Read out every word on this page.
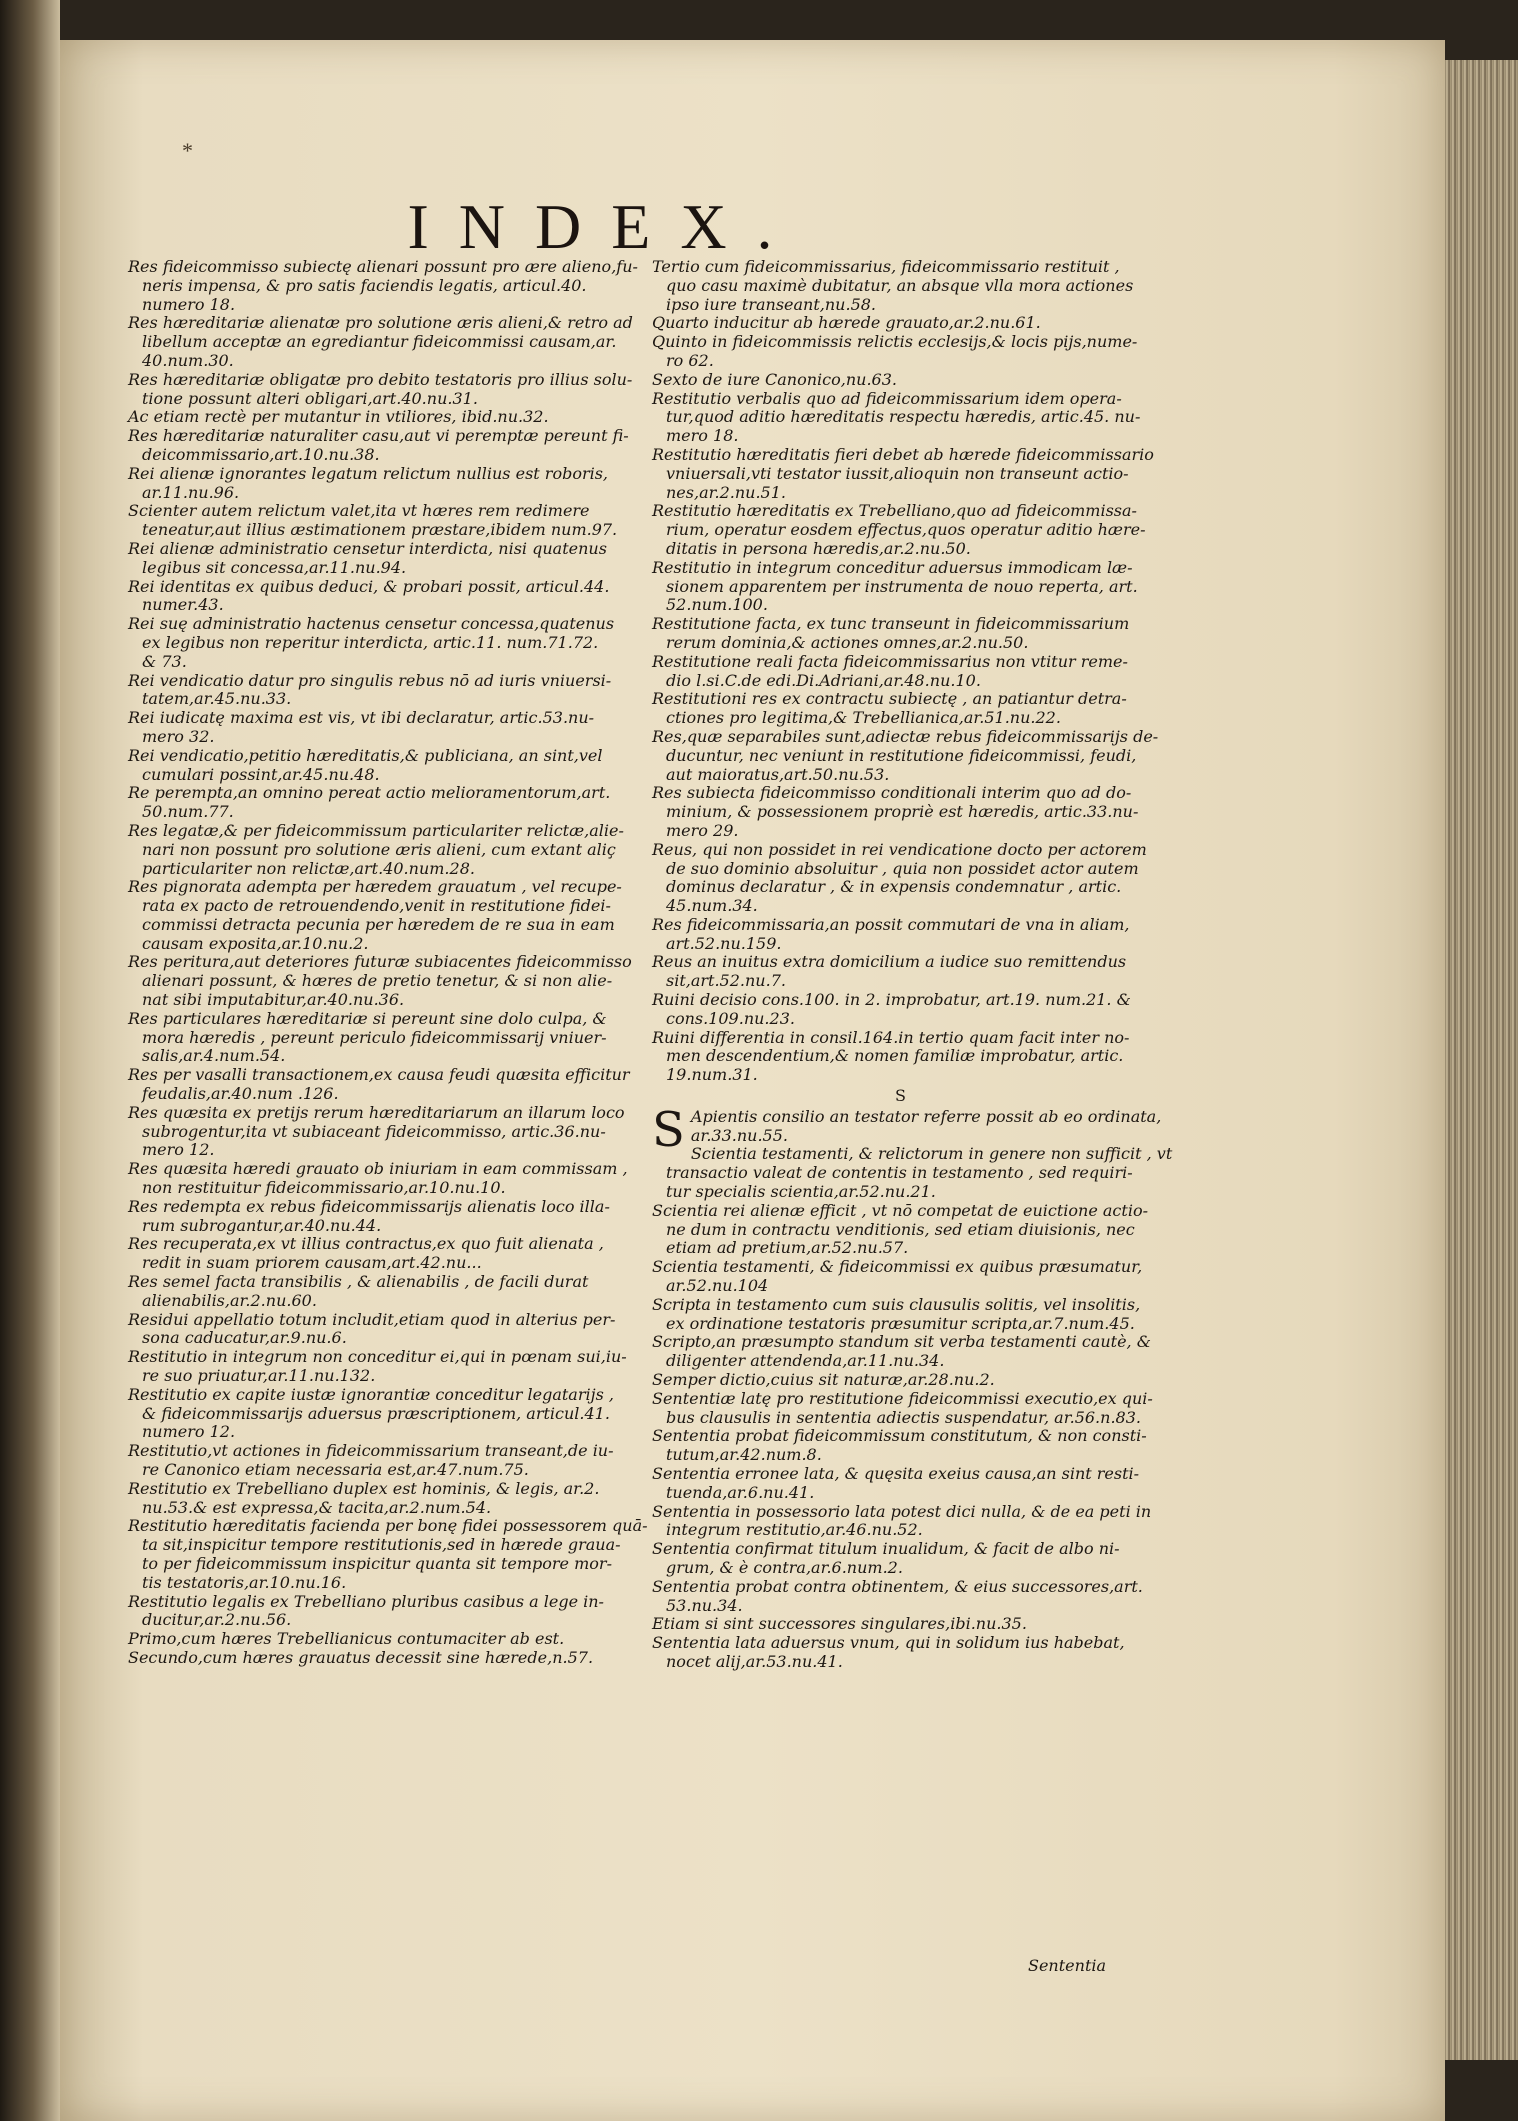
*
INDEX.
Res fideicommisso subiectę alienari possunt pro ære alieno,fu-
neris impensa, & pro satis faciendis legatis, articul.40.
numero 18.
Res hæreditariæ alienatæ pro solutione æris alieni,& retro ad
libellum acceptæ an egrediantur fideicommissi causam,ar.
40.num.30.
Res hæreditariæ obligatæ pro debito testatoris pro illius solu-
tione possunt alteri obligari,art.40.nu.31.
Ac etiam rectè per mutantur in vtiliores, ibid.nu.32.
Res hæreditariæ naturaliter casu,aut vi peremptæ pereunt fi-
deicommissario,art.10.nu.38.
Rei alienæ ignorantes legatum relictum nullius est roboris,
ar.11.nu.96.
Scienter autem relictum valet,ita vt hæres rem redimere
teneatur,aut illius æstimationem præstare,ibidem num.97.
Rei alienæ administratio censetur interdicta, nisi quatenus
legibus sit concessa,ar.11.nu.94.
Rei identitas ex quibus deduci, & probari possit, articul.44.
numer.43.
Rei suę administratio hactenus censetur concessa,quatenus
ex legibus non reperitur interdicta, artic.11. num.71.72.
& 73.
Rei vendicatio datur pro singulis rebus nō ad iuris vniuersi-
tatem,ar.45.nu.33.
Rei iudicatę maxima est vis, vt ibi declaratur, artic.53.nu-
mero 32.
Rei vendicatio,petitio hæreditatis,& publiciana, an sint,vel
cumulari possint,ar.45.nu.48.
Re perempta,an omnino pereat actio melioramentorum,art.
50.num.77.
Res legatæ,& per fideicommissum particulariter relictæ,alie-
nari non possunt pro solutione æris alieni, cum extant aliç
particulariter non relictæ,art.40.num.28.
Res pignorata adempta per hæredem grauatum , vel recupe-
rata ex pacto de retrouendendo,venit in restitutione fidei-
commissi detracta pecunia per hæredem de re sua in eam
causam exposita,ar.10.nu.2.
Res peritura,aut deteriores futuræ subiacentes fideicommisso
alienari possunt, & hæres de pretio tenetur, & si non alie-
nat sibi imputabitur,ar.40.nu.36.
Res particulares hæreditariæ si pereunt sine dolo culpa, &
mora hæredis , pereunt periculo fideicommissarij vniuer-
salis,ar.4.num.54.
Res per vasalli transactionem,ex causa feudi quæsita efficitur
feudalis,ar.40.num .126.
Res quæsita ex pretijs rerum hæreditariarum an illarum loco
subrogentur,ita vt subiaceant fideicommisso, artic.36.nu-
mero 12.
Res quæsita hæredi grauato ob iniuriam in eam commissam ,
non restituitur fideicommissario,ar.10.nu.10.
Res redempta ex rebus fideicommissarijs alienatis loco illa-
rum subrogantur,ar.40.nu.44.
Res recuperata,ex vt illius contractus,ex quo fuit alienata ,
redit in suam priorem causam,art.42.nu...
Res semel facta transibilis , & alienabilis , de facili durat
alienabilis,ar.2.nu.60.
Residui appellatio totum includit,etiam quod in alterius per-
sona caducatur,ar.9.nu.6.
Restitutio in integrum non conceditur ei,qui in pœnam sui,iu-
re suo priuatur,ar.11.nu.132.
Restitutio ex capite iustæ ignorantiæ conceditur legatarijs ,
& fideicommissarijs aduersus præscriptionem, articul.41.
numero 12.
Restitutio,vt actiones in fideicommissarium transeant,de iu-
re Canonico etiam necessaria est,ar.47.num.75.
Restitutio ex Trebelliano duplex est hominis, & legis, ar.2.
nu.53.& est expressa,& tacita,ar.2.num.54.
Restitutio hæreditatis facienda per bonę fidei possessorem quā-
ta sit,inspicitur tempore restitutionis,sed in hærede graua-
to per fideicommissum inspicitur quanta sit tempore mor-
tis testatoris,ar.10.nu.16.
Restitutio legalis ex Trebelliano pluribus casibus a lege in-
ducitur,ar.2.nu.56.
Primo,cum hæres Trebellianicus contumaciter ab est.
Secundo,cum hæres grauatus decessit sine hærede,n.57.
Tertio cum fideicommissarius, fideicommissario restituit ,
quo casu maximè dubitatur, an absque vlla mora actiones
ipso iure transeant,nu.58.
Quarto inducitur ab hærede grauato,ar.2.nu.61.
Quinto in fideicommissis relictis ecclesijs,& locis pijs,nume-
ro 62.
Sexto de iure Canonico,nu.63.
Restitutio verbalis quo ad fideicommissarium idem opera-
tur,quod aditio hæreditatis respectu hæredis, artic.45. nu-
mero 18.
Restitutio hæreditatis fieri debet ab hærede fideicommissario
vniuersali,vti testator iussit,alioquin non transeunt actio-
nes,ar.2.nu.51.
Restitutio hæreditatis ex Trebelliano,quo ad fideicommissa-
rium, operatur eosdem effectus,quos operatur aditio hære-
ditatis in persona hæredis,ar.2.nu.50.
Restitutio in integrum conceditur aduersus immodicam læ-
sionem apparentem per instrumenta de nouo reperta, art.
52.num.100.
Restitutione facta, ex tunc transeunt in fideicommissarium
rerum dominia,& actiones omnes,ar.2.nu.50.
Restitutione reali facta fideicommissarius non vtitur reme-
dio l.si.C.de edi.Di.Adriani,ar.48.nu.10.
Restitutioni res ex contractu subiectę , an patiantur detra-
ctiones pro legitima,& Trebellianica,ar.51.nu.22.
Res,quæ separabiles sunt,adiectæ rebus fideicommissarijs de-
ducuntur, nec veniunt in restitutione fideicommissi, feudi,
aut maioratus,art.50.nu.53.
Res subiecta fideicommisso conditionali interim quo ad do-
minium, & possessionem propriè est hæredis, artic.33.nu-
mero 29.
Reus, qui non possidet in rei vendicatione docto per actorem
de suo dominio absoluitur , quia non possidet actor autem
dominus declaratur , & in expensis condemnatur , artic.
45.num.34.
Res fideicommissaria,an possit commutari de vna in aliam,
art.52.nu.159.
Reus an inuitus extra domicilium a iudice suo remittendus
sit,art.52.nu.7.
Ruini decisio cons.100. in 2. improbatur, art.19. num.21. &
cons.109.nu.23.
Ruini differentia in consil.164.in tertio quam facit inter no-
men descendentium,& nomen familiæ improbatur, artic.
19.num.31.
S
S Apientis consilio an testator referre possit ab eo ordinata,
ar.33.nu.55.
Scientia testamenti, & relictorum in genere non sufficit , vt
transactio valeat de contentis in testamento , sed requiri-
tur specialis scientia,ar.52.nu.21.
Scientia rei alienæ efficit , vt nō competat de euictione actio-
ne dum in contractu venditionis, sed etiam diuisionis, nec
etiam ad pretium,ar.52.nu.57.
Scientia testamenti, & fideicommissi ex quibus præsumatur,
ar.52.nu.104
Scripta in testamento cum suis clausulis solitis, vel insolitis,
ex ordinatione testatoris præsumitur scripta,ar.7.num.45.
Scripto,an præsumpto standum sit verba testamenti cautè, &
diligenter attendenda,ar.11.nu.34.
Semper dictio,cuius sit naturæ,ar.28.nu.2.
Sententiæ latę pro restitutione fideicommissi executio,ex qui-
bus clausulis in sententia adiectis suspendatur, ar.56.n.83.
Sententia probat fideicommissum constitutum, & non consti-
tutum,ar.42.num.8.
Sententia erronee lata, & quęsita exeius causa,an sint resti-
tuenda,ar.6.nu.41.
Sententia in possessorio lata potest dici nulla, & de ea peti in
integrum restitutio,ar.46.nu.52.
Sententia confirmat titulum inualidum, & facit de albo ni-
grum, & è contra,ar.6.num.2.
Sententia probat contra obtinentem, & eius successores,art.
53.nu.34.
Etiam si sint successores singulares,ibi.nu.35.
Sententia lata aduersus vnum, qui in solidum ius habebat,
nocet alij,ar.53.nu.41.
Sententia
